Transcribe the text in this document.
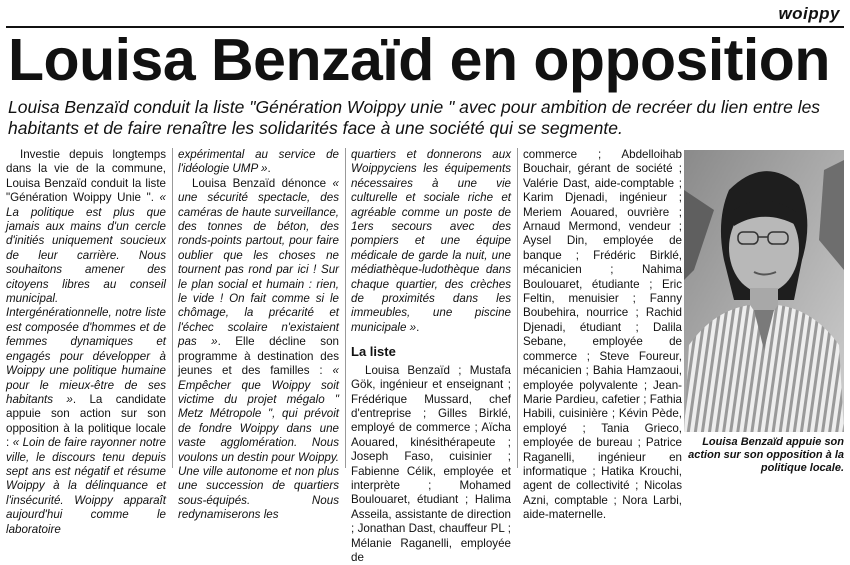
woippy
Louisa Benzaïd en opposition

Louisa Benzaïd conduit la liste "Génération Woippy unie " avec pour ambition de recréer du lien entre les habitants et de faire renaître les solidarités face à une société qui se segmente.

Investie depuis longtemps dans la vie de la commune, Louisa Benzaïd conduit la liste "Génération Woippy Unie ". « La politique est plus que jamais aux mains d'un cercle d'initiés uniquement soucieux de leur carrière. Nous souhaitons amener des citoyens libres au conseil municipal. Intergénérationnelle, notre liste est composée d'hommes et de femmes dynamiques et engagés pour développer à Woippy une politique humaine pour le mieux-être de ses habitants ». La candidate appuie son action sur son opposition à la politique locale : « Loin de faire rayonner notre ville, le discours tenu depuis sept ans est négatif et résume Woippy à la délinquance et l'insécurité. Woippy apparaît aujourd'hui comme le laboratoire

expérimental au service de l'idéologie UMP ».

Louisa Benzaïd dénonce « une sécurité spectacle, des caméras de haute surveillance, des tonnes de béton, des ronds-points partout, pour faire oublier que les choses ne tournent pas rond par ici ! Sur le plan social et humain : rien, le vide ! On fait comme si le chômage, la précarité et l'échec scolaire n'existaient pas ». Elle décline son programme à destination des jeunes et des familles : « Empêcher que Woippy soit victime du projet mégalo " Metz Métropole ", qui prévoit de fondre Woippy dans une vaste agglomération. Nous voulons un destin pour Woippy. Une ville autonome et non plus une succession de quartiers sous-équipés. Nous redynamiserons les

quartiers et donnerons aux Woippyciens les équipements nécessaires à une vie culturelle et sociale riche et agréable comme un poste de 1ers secours avec des pompiers et une équipe médicale de garde la nuit, une médiathèque-ludothèque dans chaque quartier, des crèches de proximités dans les immeubles, une piscine municipale ».

La liste

Louisa Benzaïd ; Mustafa Gök, ingénieur et enseignant ; Frédérique Mussard, chef d'entreprise ; Gilles Birklé, employé de commerce ; Aïcha Aouared, kinésithérapeute ; Joseph Faso, cuisinier ; Fabienne Célik, employée et interprète ; Mohamed Boulouaret, étudiant ; Halima Asseila, assistante de direction ; Jonathan Dast, chauffeur PL ; Mélanie Raganelli, employée de

commerce ; Abdelloihab Bouchair, gérant de société ; Valérie Dast, aide-comptable ; Karim Djenadi, ingénieur ; Meriem Aouared, ouvrière ; Arnaud Mermond, vendeur ; Aysel Din, employée de banque ; Frédéric Birklé, mécanicien ; Nahima Boulouaret, étudiante ; Eric Feltin, menuisier ; Fanny Boubehira, nourrice ; Rachid Djenadi, étudiant ; Dalila Sebane, employée de commerce ; Steve Foureur, mécanicien ; Bahia Hamzaoui, employée polyvalente ; Jean-Marie Pardieu, cafetier ; Fathia Habili, cuisinière ; Kévin Pède, employé ; Tania Grieco, employée de bureau ; Patrice Raganelli, ingénieur en informatique ; Hatika Krouchi, agent de collectivité ; Nicolas Azni, comptable ; Nora Larbi, aide-maternelle.

Louisa Benzaïd appuie son action sur son opposition à la politique locale.
